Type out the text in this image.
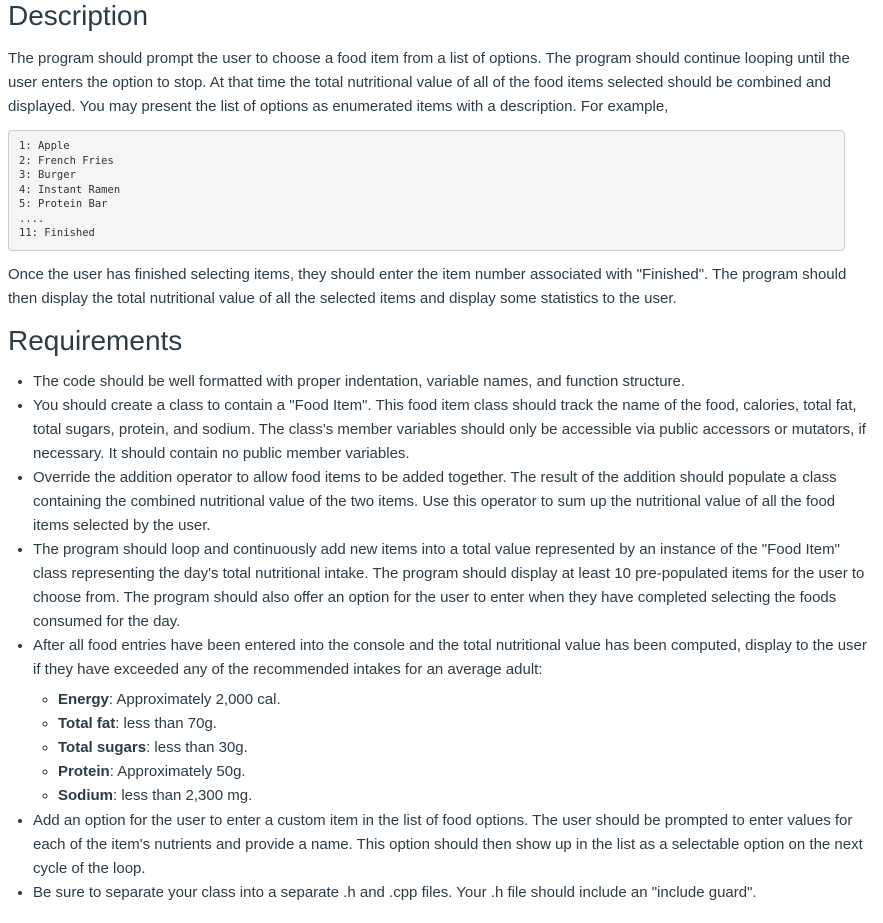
Description

The program should prompt the user to choose a food item from a list of options. The program should continue looping until the user enters the option to stop. At that time the total nutritional value of all of the food items selected should be combined and displayed. You may present the list of options as enumerated items with a description. For example,

1: Apple
2: French Fries
3: Burger
4: Instant Ramen
5: Protein Bar
....
11: Finished

Once the user has finished selecting items, they should enter the item number associated with "Finished". The program should then display the total nutritional value of all the selected items and display some statistics to the user.

Requirements
• The code should be well formatted with proper indentation, variable names, and function structure.
• You should create a class to contain a "Food Item". This food item class should track the name of the food, calories, total fat, total sugars, protein, and sodium. The class's member variables should only be accessible via public accessors or mutators, if necessary. It should contain no public member variables.
• Override the addition operator to allow food items to be added together. The result of the addition should populate a class containing the combined nutritional value of the two items. Use this operator to sum up the nutritional value of all the food items selected by the user.
• The program should loop and continuously add new items into a total value represented by an instance of the "Food Item" class representing the day's total nutritional intake. The program should display at least 10 pre-populated items for the user to choose from. The program should also offer an option for the user to enter when they have completed selecting the foods consumed for the day.
• After all food entries have been entered into the console and the total nutritional value has been computed, display to the user if they have exceeded any of the recommended intakes for an average adult:
◦ Energy: Approximately 2,000 cal.
◦ Total fat: less than 70g.
◦ Total sugars: less than 30g.
◦ Protein: Approximately 50g.
◦ Sodium: less than 2,300 mg.
• Add an option for the user to enter a custom item in the list of food options. The user should be prompted to enter values for each of the item's nutrients and provide a name. This option should then show up in the list as a selectable option on the next cycle of the loop.
• Be sure to separate your class into a separate .h and .cpp files. Your .h file should include an "include guard".
